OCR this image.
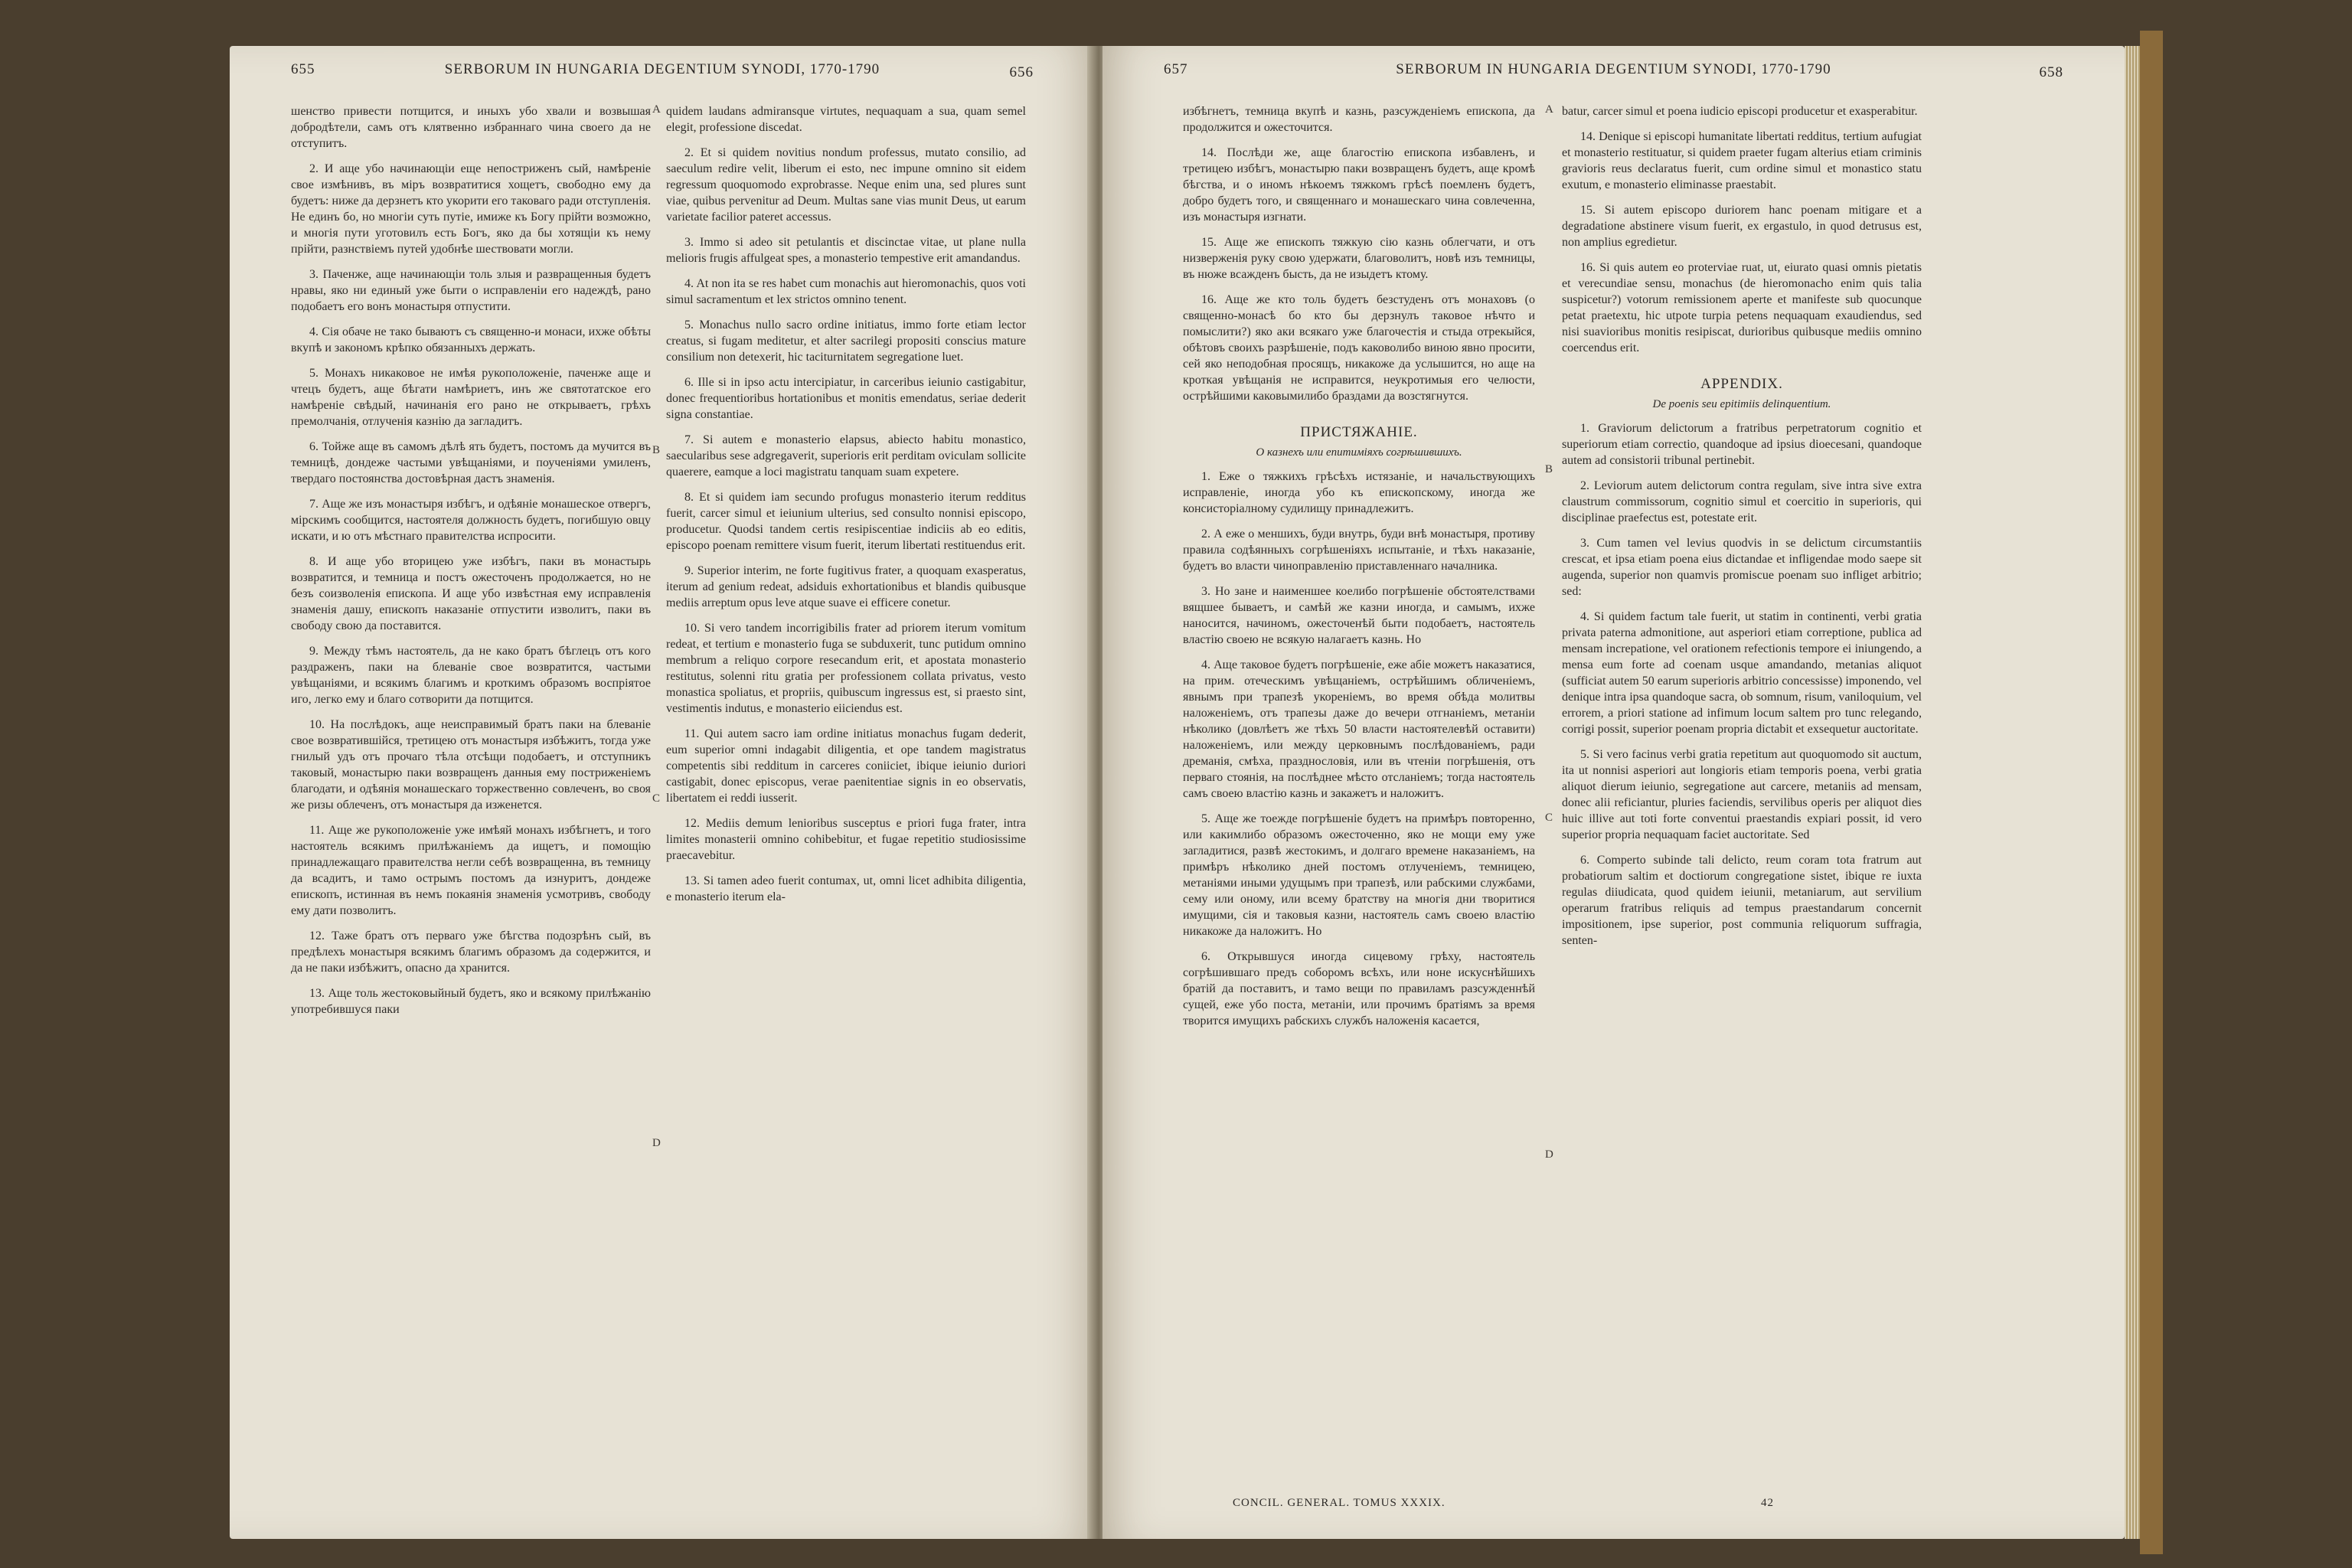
655	SERBORUM IN HUNGARIA DEGENTIUM SYNODI, 1770-1790	656

шенство привести потщится, и иныхъ убо хвали и возвышая добродѣтели, самъ отъ клятвенно избраннаго чина своего да не отступитъ.

2. И аще убо начинающiи еще непостриженъ сый, намѣренiе свое измѣнивъ, въ мiръ возвратитися хощетъ, свободно ему да будетъ: ниже да дерзнетъ кто укорити его таковаго ради отступленiя. Не единъ бо, но многiи суть путiе, имиже къ Богу прiйти возможно, и многiя пути уготовилъ есть Богъ, яко да бы хотящiи къ нему прiйти, разнствiемъ путей удобнѣе шествовати могли.

3. Паченже, аще начинающiи толь злыя и развращенныя будетъ нравы, яко ни единый уже быти о исправленiи его надеждѣ, рано подобаетъ его вонъ монастыря отпустити.

4. Сiя обаче не тако бываютъ съ священно-и монаси, ихже обѣты вкупѣ и закономъ крѣпко обязанныхъ держать.

5. Монахъ никаковое не имѣя рукоположенiе, паченже аще и чтецъ будетъ, аще бѣгати намѣриетъ, инъ же святотатское его намѣренiе свѣдый, начинанiя его рано не открываетъ, грѣхъ премолчанiя, отлученiя казнiю да загладитъ.

6. Тойже аще въ самомъ дѣлѣ ять будетъ, постомъ да мучится въ темницѣ, дондеже частыми увѣщанiями, и поученiями умиленъ, твердаго постоянства достовѣрная дастъ знаменiя.

7. Аще же изъ монастыря избѣгъ, и одѣянiе монашеское отвергъ, мiрскимъ сообщится, настоятеля должность будетъ, погибшую овцу искати, и ю отъ мѣстнаго правителства испросити.

8. И аще убо вторицею уже избѣгъ, паки въ монастырь возвратится, и темница и постъ ожесточенъ продолжается, но не безъ соизволенiя епископа. И аще убо извѣстная ему исправленiя знаменiя дашу, епископъ наказанiе отпустити изволитъ, паки въ свободу свою да поставится.

9. Между тѣмъ настоятель, да не како братъ бѣглецъ отъ кого раздраженъ, паки на блеванiе свое возвратится, частыми увѣщанiями, и всякимъ благимъ и кроткимъ образомъ воспрiятое иго, легко ему и благо сотворити да потщится.

10. На послѣдокъ, аще неисправимый братъ паки на блеванiе свое возвратившiйся, третицею отъ монастыря избѣжитъ, тогда уже гнилый удъ отъ прочаго тѣла отсѣщи подобаетъ, и отступникъ таковый, монастырю паки возвращенъ данныя ему постриженiемъ благодати, и одѣянiя монашескаго торжественно совлеченъ, во своя же ризы облеченъ, отъ монастыря да изженется.

11. Аще же рукоположенiе уже имѣяй монахъ избѣгнетъ, и того настоятель всякимъ прилѣжанiемъ да ищетъ, и помощiю принадлежащаго правителства негли себѣ возвращенна, въ темницу да всадитъ, и тамо острымъ постомъ да изнуритъ, дондеже епископъ, истинная въ немъ покаянiя знаменiя усмотривъ, свободу ему дати позволитъ.

12. Таже братъ отъ перваго уже бѣгства подозрѣнъ сый, въ предѣлехъ монастыря всякимъ благимъ образомъ да содержится, и да не паки избѣжитъ, опасно да хранится.

13. Аще толь жестоковыйный будетъ, яко и всякому прилѣжанiю употребившуся паки

quidem laudans admiransque virtutes, nequaquam a sua, quam semel elegit, professione discedat.

2. Et si quidem novitius nondum professus, mutato consilio, ad saeculum redire velit, liberum ei esto, nec impune omnino sit eidem regressum quoquomodo exprobrasse. Neque enim una, sed plures sunt viae, quibus pervenitur ad Deum. Multas sane vias munit Deus, ut earum varietate facilior pateret accessus.

3. Immo si adeo sit petulantis et discinctae vitae, ut plane nulla melioris frugis affulgeat spes, a monasterio tempestive erit amandandus.

4. At non ita se res habet cum monachis aut hieromonachis, quos voti simul sacramentum et lex strictos omnino tenent.

5. Monachus nullo sacro ordine initiatus, immo forte etiam lector creatus, si fugam meditetur, et alter sacrilegi propositi conscius mature consilium non detexerit, hic taciturnitatem segregatione luet.

6. Ille si in ipso actu intercipiatur, in carceribus ieiunio castigabitur, donec frequentioribus hortationibus et monitis emendatus, seriae dederit signa constantiae.

7. Si autem e monasterio elapsus, abiecto habitu monastico, saecularibus sese adgregaverit, superioris erit perditam oviculam sollicite quaerere, eamque a loci magistratu tanquam suam expetere.

8. Et si quidem iam secundo profugus monasterio iterum redditus fuerit, carcer simul et ieiunium ulterius, sed consulto nonnisi episcopo, producetur. Quodsi tandem certis resipiscentiae indiciis ab eo editis, episcopo poenam remittere visum fuerit, iterum libertati restituendus erit.

9. Superior interim, ne forte fugitivus frater, a quoquam exasperatus, iterum ad genium redeat, adsiduis exhortationibus et blandis quibusque mediis arreptum opus leve atque suave ei efficere conetur.

10. Si vero tandem incorrigibilis frater ad priorem iterum vomitum redeat, et tertium e monasterio fuga se subduxerit, tunc putidum omnino membrum a reliquo corpore resecandum erit, et apostata monasterio restitutus, solenni ritu gratia per professionem collata privatus, vesto monastica spoliatus, et propriis, quibuscum ingressus est, si praesto sint, vestimentis indutus, e monasterio eiiciendus est.

11. Qui autem sacro iam ordine initiatus monachus fugam dederit, eum superior omni indagabit diligentia, et ope tandem magistratus competentis sibi redditum in carceres coniiciet, ibique ieiunio duriori castigabit, donec episcopus, verae paenitentiae signis in eo observatis, libertatem ei reddi iusserit.

12. Mediis demum lenioribus susceptus e priori fuga frater, intra limites monasterii omnino cohibebitur, et fugae repetitio studiosissime praecavebitur.

13. Si tamen adeo fuerit contumax, ut, omni licet adhibita diligentia, e monasterio iterum ela-

A
B
C
D
657	SERBORUM IN HUNGARIA DEGENTIUM SYNODI, 1770-1790	658

избѣгнетъ, темница вкупѣ и казнь, разсужденiемъ епископа, да продолжится и ожесточится.

14. Послѣди же, аще благостiю епископа избавленъ, и третицею избѣгъ, монастырю паки возвращенъ будетъ, аще кромѣ бѣгства, и о иномъ нѣкоемъ тяжкомъ грѣсѣ поемленъ будетъ, добро будетъ того, и священнаго и монашескаго чина совлеченна, изъ монастыря изгнати.

15. Аще же епископъ тяжкую сiю казнь облегчати, и отъ низверженiя руку свою удержати, благоволитъ, новѣ изъ темницы, въ нюже всажденъ бысть, да не изыдетъ ктому.

16. Аще же кто толь будетъ безстуденъ отъ монаховъ (о священно-монасѣ бо кто бы дерзнулъ таковое нѣчто и помыслити?) яко аки всякаго уже благочестiя и стыда отрекыйся, обѣтовъ своихъ разрѣшенiе, подъ каковолибо виною явно просити, сей яко неподобная просящъ, никакоже да услышится, но аще на кроткая увѣщанiя не исправится, неукротимыя его челюсти, острѣйшими каковымилибо браздами да возстягнутся.

ПРИСТЯЖАНIЕ.
О казнехъ или епитимiяхъ согрѣшившихъ.

1. Еже о тяжкихъ грѣсѣхъ истязанiе, и начальствующихъ исправленiе, иногда убо къ епископскому, иногда же консисторiалному судилищу принадлежитъ.

2. А еже о меншихъ, буди внутрь, буди внѣ монастыря, противу правила содѣянныхъ согрѣшенiяхъ испытанiе, и тѣхъ наказанiе, будетъ во власти чиноправленiю приставленнаго началника.

3. Но занe и наименшее коелибо погрѣшенiе обстоятелствами вящшее бываетъ, и самѣй же казни иногда, и самымъ, ихже наносится, начиномъ, ожесточенѣй быти подобаетъ, настоятель властiю своею не всякую налагаетъ казнь. Но

4. Аще таковое будетъ погрѣшенiе, еже абiе можетъ наказатися, на прим. отеческимъ увѣщанiемъ, острѣйшимъ обличенiемъ, явнымъ при трапезѣ укоренiемъ, во время обѣда молитвы наложенiемъ, отъ трапезы даже до вечери отгнанiемъ, метанiи нѣколико (довлѣетъ же тѣхъ 50 власти настоятелевѣй оставити) наложенiемъ, или между церковнымъ послѣдованiемъ, ради дреманiя, смѣха, празднословiя, или въ чтенiи погрѣшенiя, отъ перваго стоянiя, на послѣднее мѣсто отсланiемъ; тогда настоятель самъ своею властiю казнь и закажетъ и наложитъ.

5. Аще же тоежде погрѣшенiе будетъ на примѣръ повторенно, или какимлибо образомъ ожесточенно, яко не мощи ему уже загладитися, развѣ жестокимъ, и долгаго времене наказанiемъ, на примѣръ нѣколико дней постомъ отлученiемъ, темницею, метанiями иными удущымъ при трапезѣ, или рабскими службами, сему или оному, или всему братству на многiя дни творитися имущими, сiя и таковыя казни, настоятель самъ своею властiю никакоже да наложитъ. Но

6. Открывшуся иногда сицевому грѣху, настоятель согрѣшившаго предъ соборомъ всѣхъ, или ноне искуснѣйшихъ братiй да поставитъ, и тамо вещи по правиламъ разсужденнѣй сущей, еже убо поста, метанiи, или прочимъ братiямъ за время творится имущихъ рабскихъ службъ наложенiя касается,

batur, carcer simul et poena iudicio episcopi producetur et exasperabitur.

14. Denique si episcopi humanitate libertati redditus, tertium aufugiat et monasterio restituatur, si quidem praeter fugam alterius etiam criminis gravioris reus declaratus fuerit, cum ordine simul et monastico statu exutum, e monasterio eliminasse praestabit.

15. Si autem episcopo duriorem hanc poenam mitigare et a degradatione abstinere visum fuerit, ex ergastulo, in quod detrusus est, non amplius egredietur.

16. Si quis autem eo proterviae ruat, ut, eiurato quasi omnis pietatis et verecundiae sensu, monachus (de hieromonacho enim quis talia suspicetur?) votorum remissionem aperte et manifeste sub quocunque petat praetextu, hic utpote turpia petens nequaquam exaudiendus, sed nisi suavioribus monitis resipiscat, durioribus quibusque mediis omnino coercendus erit.

APPENDIX.
De poenis seu epitimiis delinquentium.

1. Graviorum delictorum a fratribus perpetratorum cognitio et superiorum etiam correctio, quandoque ad ipsius dioecesani, quandoque autem ad consistorii tribunal pertinebit.

2. Leviorum autem delictorum contra regulam, sive intra sive extra claustrum commissorum, cognitio simul et coercitio in superioris, qui disciplinae praefectus est, potestate erit.

3. Cum tamen vel levius quodvis in se delictum circumstantiis crescat, et ipsa etiam poena eius dictandae et infligendae modo saepe sit augenda, superior non quamvis promiscue poenam suo infliget arbitrio; sed:

4. Si quidem factum tale fuerit, ut statim in continenti, verbi gratia privata paterna admonitione, aut asperiori etiam correptione, publica ad mensam increpatione, vel orationem refectionis tempore ei iniungendo, a mensa eum forte ad coenam usque amandando, metanias aliquot (sufficiat autem 50 earum superioris arbitrio concessisse) imponendo, vel denique intra ipsa quandoque sacra, ob somnum, risum, vaniloquium, vel errorem, a priori statione ad infimum locum saltem pro tunc relegando, corrigi possit, superior poenam propria dictabit et exsequetur auctoritate.

5. Si vero facinus verbi gratia repetitum aut quoquomodo sit auctum, ita ut nonnisi asperiori aut longioris etiam temporis poena, verbi gratia aliquot dierum ieiunio, segregatione aut carcere, metaniis ad mensam, donec alii reficiantur, pluries faciendis, servilibus operis per aliquot dies huic illive aut toti forte conventui praestandis expiari possit, id vero superior propria nequaquam faciet auctoritate. Sed

6. Comperto subinde tali delicto, reum coram tota fratrum aut probatiorum saltim et doctiorum congregatione sistet, ibique re iuxta regulas diiudicata, quod quidem ieiunii, metaniarum, aut servilium operarum fratribus reliquis ad tempus praestandarum concernit impositionem, ipse superior, post communia reliquorum suffragia, senten-

A
B
C
D
CONCIL. GENERAL. TOMUS XXXIX.	42
